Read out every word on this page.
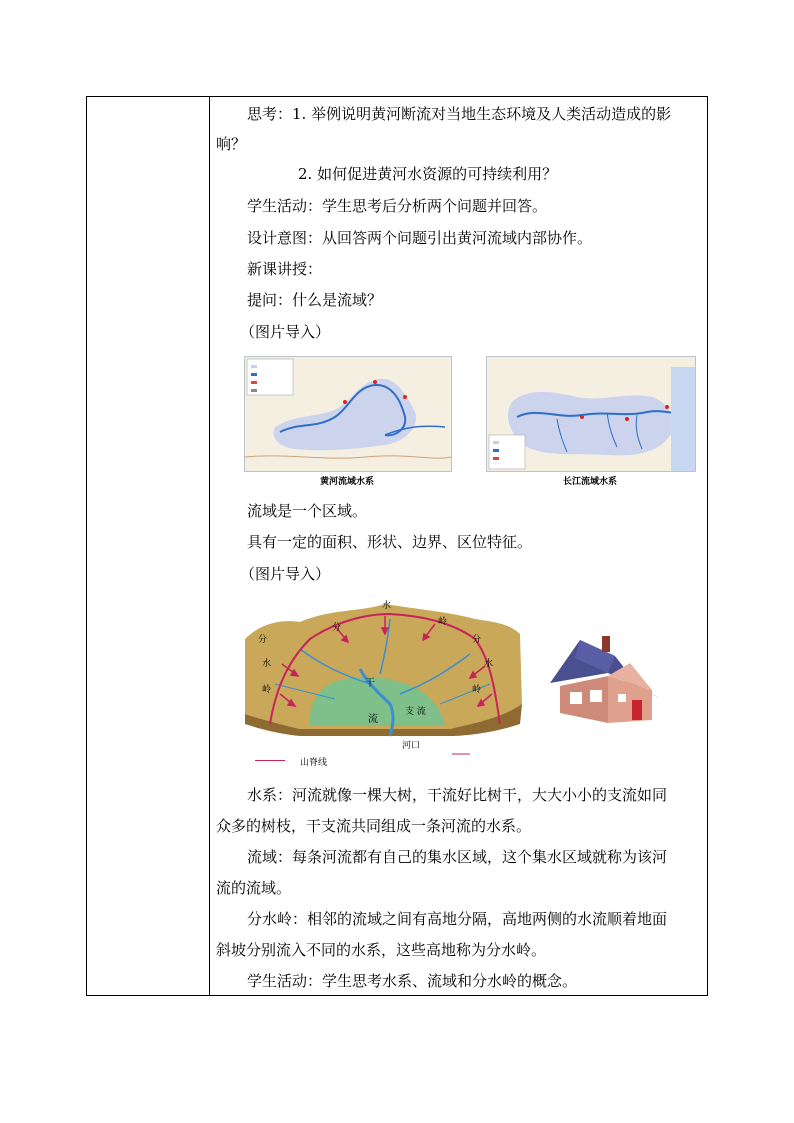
思考：1. 举例说明黄河断流对当地生态环境及人类活动造成的影
响？
2. 如何促进黄河水资源的可持续利用？
学生活动：学生思考后分析两个问题并回答。
设计意图：从回答两个问题引出黄河流域内部协作。
新课讲授：
提问：什么是流域？
（图片导入）
黄河流域水系	长江流域水系
流域是一个区域。
具有一定的面积、形状、边界、区位特征。
（图片导入）
分
水
岭
分
水
岭
分
水
岭
干
流
支 流
河口
山脊线
水系：河流就像一棵大树，干流好比树干，大大小小的支流如同
众多的树枝，干支流共同组成一条河流的水系。
流域：每条河流都有自己的集水区域，这个集水区域就称为该河
流的流域。
分水岭：相邻的流域之间有高地分隔，高地两侧的水流顺着地面
斜坡分别流入不同的水系，这些高地称为分水岭。
学生活动：学生思考水系、流域和分水岭的概念。
